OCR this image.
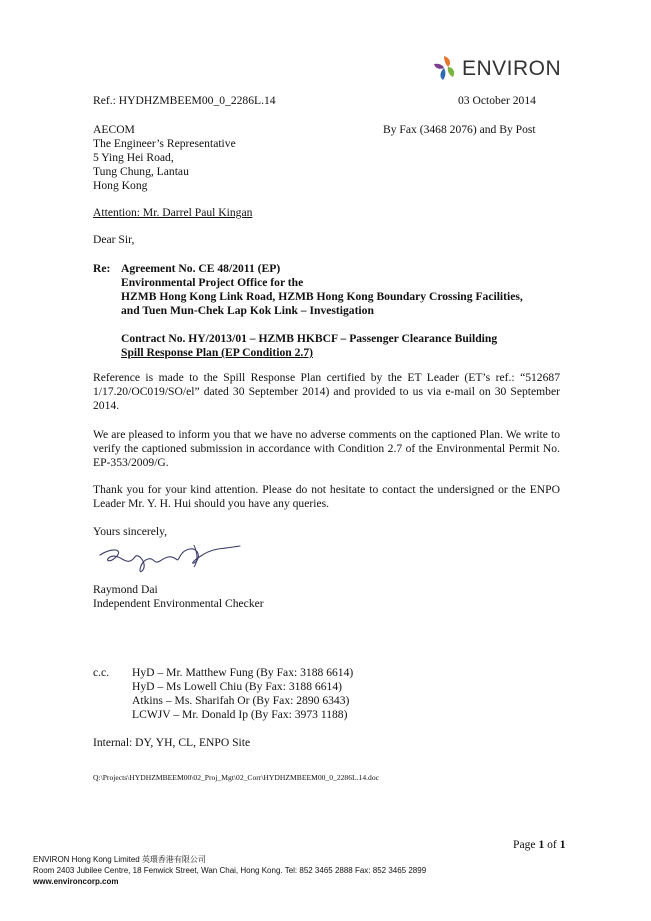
ENVIRON
Ref.: HYDHZMBEEM00_0_2286L.14	03 October 2014
By Fax (3468 2076) and By Post
AECOM
The Engineer’s Representative
5 Ying Hei Road,
Tung Chung, Lantau
Hong Kong
Attention: Mr. Darrel Paul Kingan
Dear Sir,
Re: Agreement No. CE 48/2011 (EP)
Environmental Project Office for the
HZMB Hong Kong Link Road, HZMB Hong Kong Boundary Crossing Facilities,
and Tuen Mun-Chek Lap Kok Link – Investigation
Contract No. HY/2013/01 – HZMB HKBCF – Passenger Clearance Building
Spill Response Plan (EP Condition 2.7)
Reference is made to the Spill Response Plan certified by the ET Leader (ET’s ref.: “512687 1/17.20/OC019/SO/el” dated 30 September 2014) and provided to us via e-mail on 30 September 2014.
We are pleased to inform you that we have no adverse comments on the captioned Plan. We write to verify the captioned submission in accordance with Condition 2.7 of the Environmental Permit No. EP-353/2009/G.
Thank you for your kind attention. Please do not hesitate to contact the undersigned or the ENPO Leader Mr. Y. H. Hui should you have any queries.
Yours sincerely,
Raymond Dai
Independent Environmental Checker
c.c. HyD – Mr. Matthew Fung (By Fax: 3188 6614)
HyD – Ms Lowell Chiu (By Fax: 3188 6614)
Atkins – Ms. Sharifah Or (By Fax: 2890 6343)
LCWJV – Mr. Donald Ip (By Fax: 3973 1188)
Internal: DY, YH, CL, ENPO Site
Q:\Projects\HYDHZMBEEM00\02_Proj_Mgt\02_Corr\HYDHZMBEEM00_0_2286L.14.doc
Page 1 of 1
ENVIRON Hong Kong Limited 英環香港有限公司
Room 2403 Jubilee Centre, 18 Fenwick Street, Wan Chai, Hong Kong. Tel: 852 3465 2888 Fax: 852 3465 2899
www.environcorp.com
